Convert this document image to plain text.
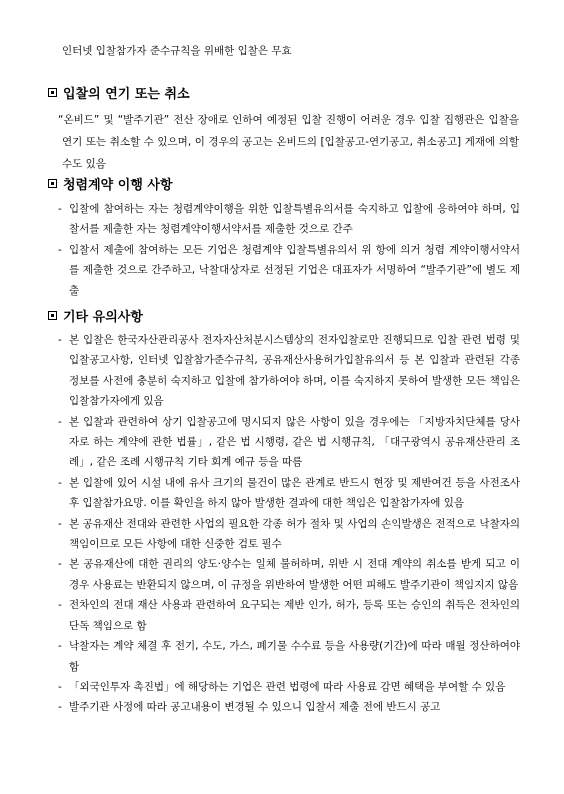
인터넷 입찰참가자 준수규칙을 위배한 입찰은 무효
입찰의 연기 또는 취소
“온비드” 및 “발주기관” 전산 장애로 인하여 예정된 입찰 진행이 어려운 경우 입찰 집행관은 입찰을 연기 또는 취소할 수 있으며, 이 경우의 공고는 온비드의 [입찰공고-연기공고, 취소공고] 게재에 의할 수도 있음
청렴계약 이행 사항
- 입찰에 참여하는 자는 청렴계약이행을 위한 입찰특별유의서를 숙지하고 입찰에 응하여야 하며, 입찰서를 제출한 자는 청렴계약이행서약서를 제출한 것으로 간주
- 입찰서 제출에 참여하는 모든 기업은 청렴계약 입찰특별유의서 위 항에 의거 청렴 계약이행서약서를 제출한 것으로 간주하고, 낙찰대상자로 선정된 기업은 대표자가 서명하여 “발주기관”에 별도 제출
기타 유의사항
- 본 입찰은 한국자산관리공사 전자자산처분시스템상의 전자입찰로만 진행되므로 입찰 관련 법령 및 입찰공고사항, 인터넷 입찰참가준수규칙, 공유재산사용허가입찰유의서 등 본 입찰과 관련된 각종 정보를 사전에 충분히 숙지하고 입찰에 참가하여야 하며, 이를 숙지하지 못하여 발생한 모든 책임은 입찰참가자에게 있음
- 본 입찰과 관련하여 상기 입찰공고에 명시되지 않은 사항이 있을 경우에는 「지방자치단체를 당사자로 하는 계약에 관한 법률」, 같은 법 시행령, 같은 법 시행규칙, 「대구광역시 공유재산관리 조례」, 같은 조례 시행규칙 기타 회계 예규 등을 따름
- 본 입찰에 있어 시설 내에 유사 크기의 물건이 많은 관계로 반드시 현장 및 제반여건 등을 사전조사 후 입찰참가요망. 이를 확인을 하지 않아 발생한 결과에 대한 책임은 입찰참가자에 있음
- 본 공유재산 전대와 관련한 사업의 필요한 각종 허가 절차 및 사업의 손익발생은 전적으로 낙찰자의 책임이므로 모든 사항에 대한 신중한 검토 필수
- 본 공유재산에 대한 권리의 양도·양수는 일체 불허하며, 위반 시 전대 계약의 취소를 받게 되고 이 경우 사용료는 반환되지 않으며, 이 규정을 위반하여 발생한 어떤 피해도 발주기관이 책임지지 않음
- 전차인의 전대 재산 사용과 관련하여 요구되는 제반 인가, 허가, 등록 또는 승인의 취득은 전차인의 단독 책임으로 함
- 낙찰자는 계약 체결 후 전기, 수도, 가스, 폐기물 수수료 등을 사용량(기간)에 따라 매월 정산하여야 함
- 「외국인투자 촉진법」에 해당하는 기업은 관련 법령에 따라 사용료 감면 혜택을 부여할 수 있음
- 발주기관 사정에 따라 공고내용이 변경될 수 있으니 입찰서 제출 전에 반드시 공고
